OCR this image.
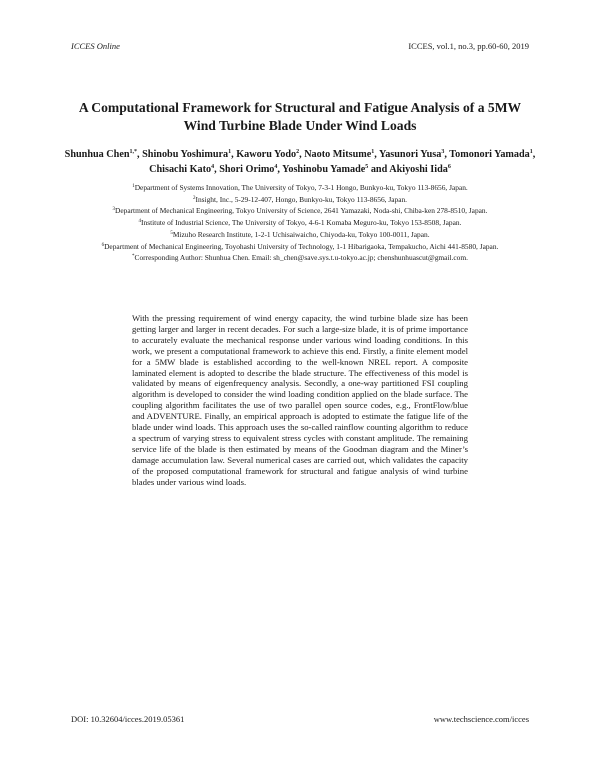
ICCES Online	ICCES, vol.1, no.3, pp.60-60, 2019
A Computational Framework for Structural and Fatigue Analysis of a 5MW
Wind Turbine Blade Under Wind Loads
Shunhua Chen$^{1,*}$, Shinobu Yoshimura$^1$, Kaworu Yodo$^2$, Naoto Mitsume$^1$, Yasunori Yusa$^3$, Tomonori Yamada$^1$, Chisachi Kato$^4$, Shori Orimo$^4$, Yoshinobu Yamade$^5$ and Akiyoshi Iida$^6$
$^1$Department of Systems Innovation, The University of Tokyo, 7-3-1 Hongo, Bunkyo-ku, Tokyo 113-8656, Japan.
$^2$Insight, Inc., 5-29-12-407, Hongo, Bunkyo-ku, Tokyo 113-8656, Japan.
$^3$Department of Mechanical Engineering, Tokyo University of Science, 2641 Yamazaki, Noda-shi, Chiba-ken 278-8510, Japan.
$^4$Institute of Industrial Science, The University of Tokyo, 4-6-1 Komaba Meguro-ku, Tokyo 153-8508, Japan.
$^5$Mizuho Research Institute, 1-2-1 Uchisaiwaicho, Chiyoda-ku, Tokyo 100-0011, Japan.
$^6$Department of Mechanical Engineering, Toyohashi University of Technology, 1-1 Hibarigaoka, Tempakucho, Aichi 441-8580, Japan.
*Corresponding Author: Shunhua Chen. Email: sh_chen@save.sys.t.u-tokyo.ac.jp; chenshunhuascut@gmail.com.
With the pressing requirement of wind energy capacity, the wind turbine blade size has been getting larger and larger in recent decades. For such a large-size blade, it is of prime importance to accurately evaluate the mechanical response under various wind loading conditions. In this work, we present a computational framework to achieve this end. Firstly, a finite element model for a 5MW blade is established according to the well-known NREL report. A composite laminated element is adopted to describe the blade structure. The effectiveness of this model is validated by means of eigenfrequency analysis. Secondly, a one-way partitioned FSI coupling algorithm is developed to consider the wind loading condition applied on the blade surface. The coupling algorithm facilitates the use of two parallel open source codes, e.g., FrontFlow/blue and ADVENTURE. Finally, an empirical approach is adopted to estimate the fatigue life of the blade under wind loads. This approach uses the so-called rainflow counting algorithm to reduce a spectrum of varying stress to equivalent stress cycles with constant amplitude. The remaining service life of the blade is then estimated by means of the Goodman diagram and the Miner’s damage accumulation law. Several numerical cases are carried out, which validates the capacity of the proposed computational framework for structural and fatigue analysis of wind turbine blades under various wind loads.
DOI: 10.32604/icces.2019.05361	www.techscience.com/icces
